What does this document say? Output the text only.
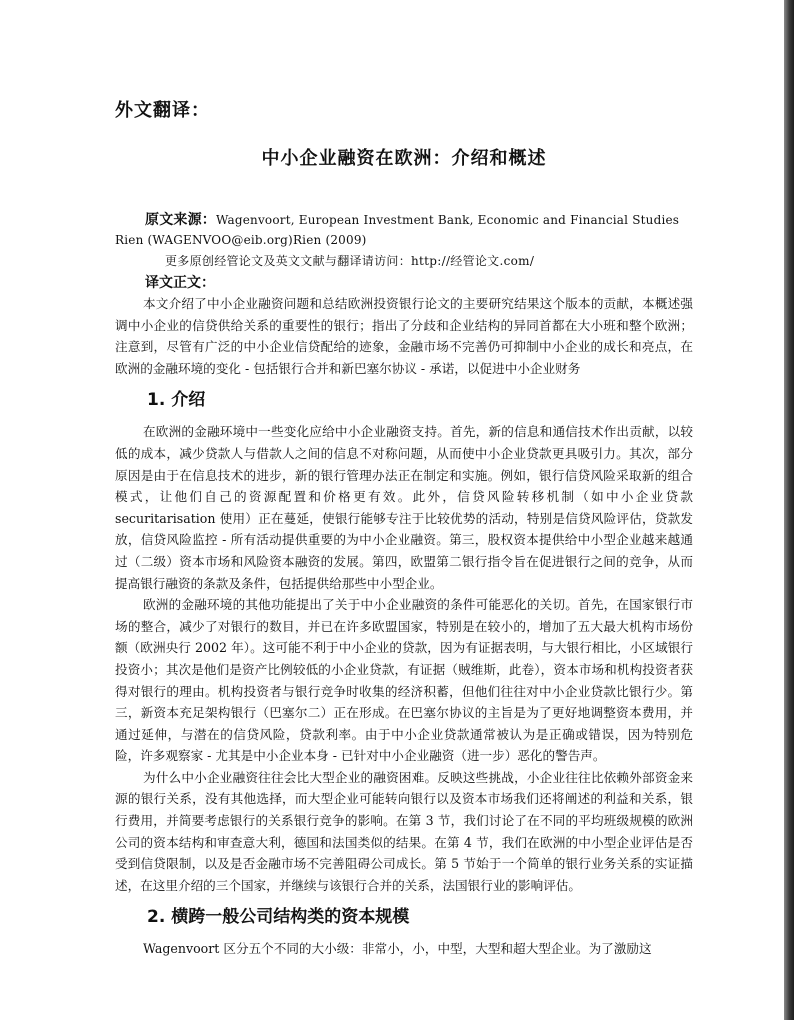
外文翻译：
中小企业融资在欧洲：介绍和概述
原文来源：Wagenvoort, European Investment Bank, Economic and Financial Studies Rien (WAGENVOO@eib.org)Rien (2009)
更多原创经管论文及英文文献与翻译请访问：http://经管论文.com/
译文正文：

本文介绍了中小企业融资问题和总结欧洲投资银行论文的主要研究结果这个版本的贡献，本概述强调中小企业的信贷供给关系的重要性的银行；指出了分歧和企业结构的异同首都在大小班和整个欧洲；注意到，尽管有广泛的中小企业信贷配给的迹象，金融市场不完善仍可抑制中小企业的成长和亮点，在欧洲的金融环境的变化 - 包括银行合并和新巴塞尔协议 - 承诺，以促进中小企业财务

1. 介绍

在欧洲的金融环境中一些变化应给中小企业融资支持。首先，新的信息和通信技术作出贡献，以较低的成本，减少贷款人与借款人之间的信息不对称问题，从而使中小企业贷款更具吸引力。其次，部分原因是由于在信息技术的进步，新的银行管理办法正在制定和实施。例如，银行信贷风险采取新的组合模式，让他们自己的资源配置和价格更有效。此外，信贷风险转移机制（如中小企业贷款 securitarisation 使用）正在蔓延，使银行能够专注于比较优势的活动，特别是信贷风险评估，贷款发放，信贷风险监控 - 所有活动提供重要的为中小企业融资。第三，股权资本提供给中小型企业越来越通过（二级）资本市场和风险资本融资的发展。第四，欧盟第二银行指令旨在促进银行之间的竞争，从而提高银行融资的条款及条件，包括提供给那些中小型企业。

欧洲的金融环境的其他功能提出了关于中小企业融资的条件可能恶化的关切。首先，在国家银行市场的整合，减少了对银行的数目，并已在许多欧盟国家，特别是在较小的，增加了五大最大机构市场份额（欧洲央行 2002 年）。这可能不利于中小企业的贷款，因为有证据表明，与大银行相比，小区域银行投资小；其次是他们是资产比例较低的小企业贷款，有证据（贼维斯，此卷），资本市场和机构投资者获得对银行的理由。机构投资者与银行竞争时收集的经济积蓄，但他们往往对中小企业贷款比银行少。第三，新资本充足架构银行（巴塞尔二）正在形成。在巴塞尔协议的主旨是为了更好地调整资本费用，并通过延伸，与潜在的信贷风险，贷款利率。由于中小企业贷款通常被认为是正确或错误，因为特别危险，许多观察家 - 尤其是中小企业本身 - 已针对中小企业融资（进一步）恶化的警告声。

为什么中小企业融资往往会比大型企业的融资困难。反映这些挑战，小企业往往比依赖外部资金来源的银行关系，没有其他选择，而大型企业可能转向银行以及资本市场我们还将阐述的利益和关系，银行费用，并简要考虑银行的关系银行竞争的影响。在第 3 节，我们讨论了在不同的平均班级规模的欧洲公司的资本结构和审查意大利，德国和法国类似的结果。在第 4 节，我们在欧洲的中小型企业评估是否受到信贷限制，以及是否金融市场不完善阻碍公司成长。第 5 节始于一个简单的银行业务关系的实证描述，在这里介绍的三个国家，并继续与该银行合并的关系，法国银行业的影响评估。

2. 横跨一般公司结构类的资本规模

Wagenvoort 区分五个不同的大小级：非常小，小，中型，大型和超大型企业。为了激励这
